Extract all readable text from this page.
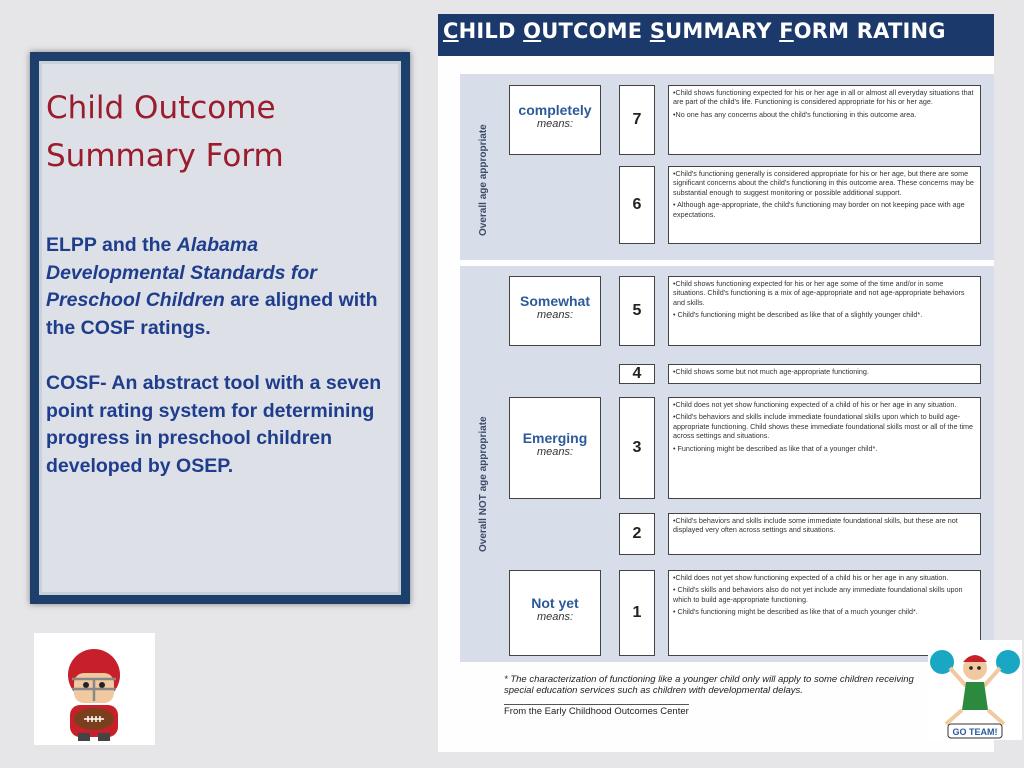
Child Outcome Summary Form

ELPP and the Alabama Developmental Standards for Preschool Children are aligned with the COSF ratings.

COSF- An abstract tool with a seven point rating system for determining progress in preschool children developed by OSEP.

CHILD OUTCOME SUMMARY FORM RATING
Overall age appropriate
Overall NOT age appropriate
completely
means:	7

•Child shows functioning expected for his or her age in all or almost all everyday situations that are part of the child's life. Functioning is considered appropriate for his or her age.

•No one has any concerns about the child's functioning in this outcome area.

6

•Child's functioning generally is considered appropriate for his or her age, but there are some significant concerns about the child's functioning in this outcome area. These concerns may be substantial enough to suggest monitoring or possible additional support.

• Although age-appropriate, the child's functioning may border on not keeping pace with age expectations.

Somewhat
means:	5

•Child shows functioning expected for his or her age some of the time and/or in some situations. Child's functioning is a mix of age-appropriate and not age-appropriate behaviors and skills.

• Child's functioning might be described as like that of a slightly younger child*.

4	•Child shows some but not much age-appropriate functioning.

Emerging
means:	3

•Child does not yet show functioning expected of a child of his or her age in any situation.

•Child's behaviors and skills include immediate foundational skills upon which to build age-appropriate functioning. Child shows these immediate foundational skills most or all of the time across settings and situations.

• Functioning might be described as like that of a younger child*.

2

•Child's behaviors and skills include some immediate foundational skills, but these are not displayed very often across settings and situations.

Not yet
means:	1

•Child does not yet show functioning expected of a child his or her age in any situation.

• Child's skills and behaviors also do not yet include any immediate foundational skills upon which to build age-appropriate functioning.

• Child's functioning might be described as like that of a much younger child*.

* The characterization of functioning like a younger child only will apply to some children receiving special education services such as children with developmental delays.
From the Early Childhood Outcomes Center
GO TEAM!
